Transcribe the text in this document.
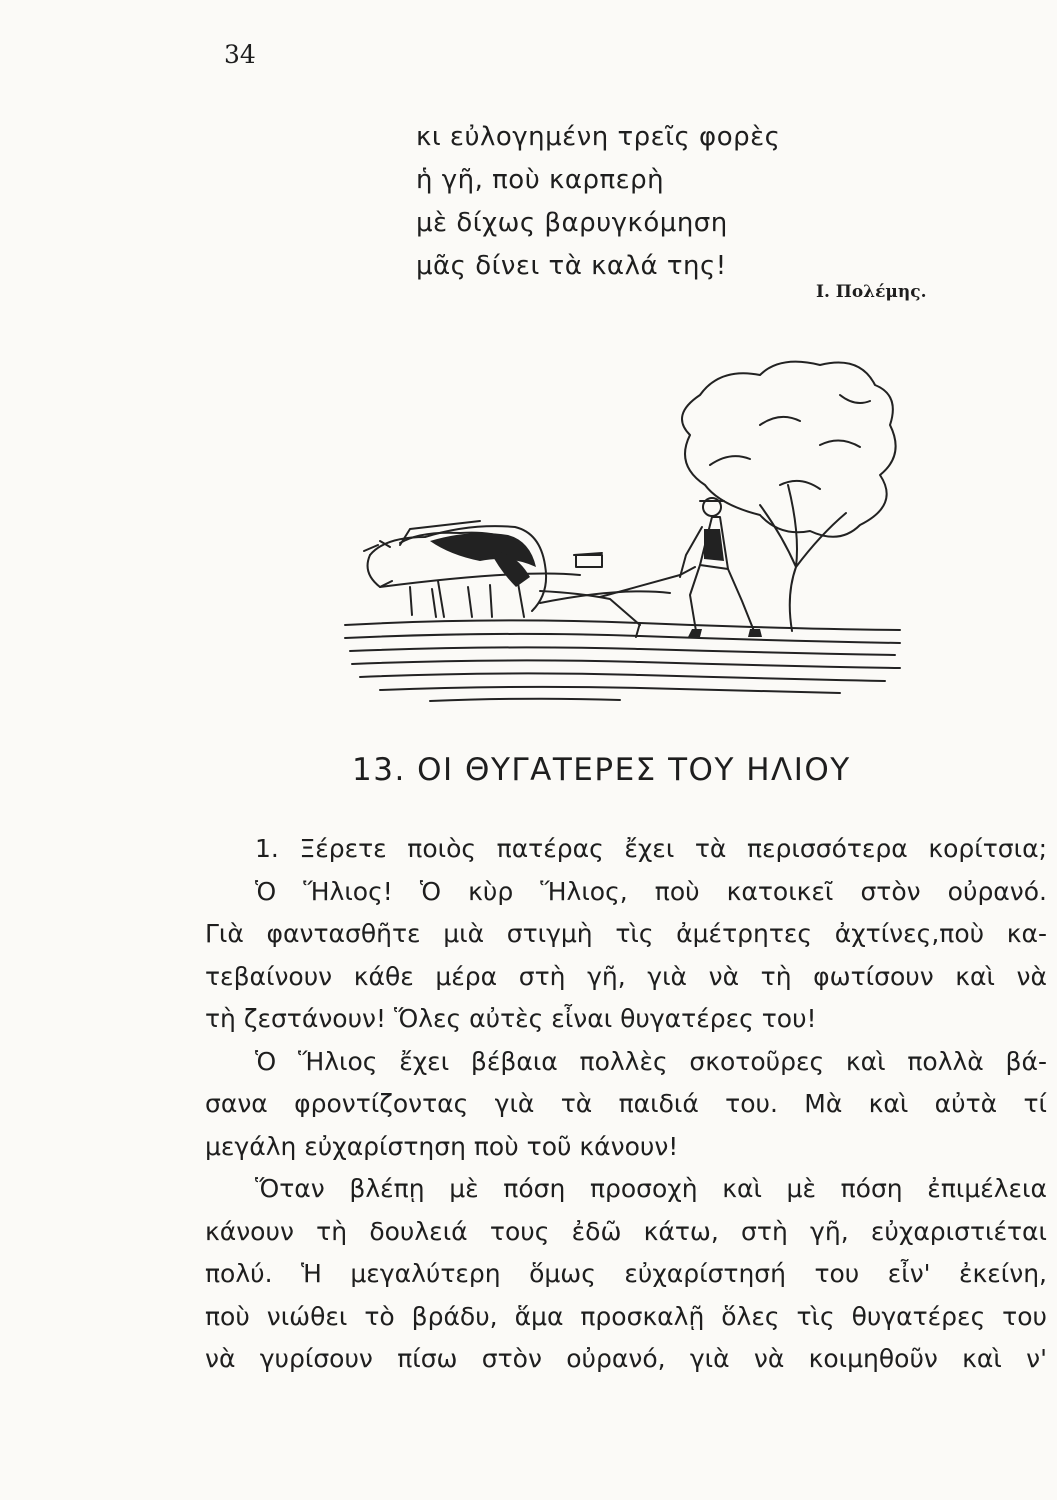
34
κι εὐλογημένη τρεῖς φορὲς
ἡ γῆ, ποὺ καρπερὴ
μὲ δίχως βαρυγκόμηση
μᾶς δίνει τὰ καλά της!
Ι. Πολέμης.
13. ΟΙ ΘΥΓΑΤΕΡΕΣ ΤΟΥ ΗΛΙΟΥ
1. Ξέρετε ποιὸς πατέρας ἔχει τὰ περισσότερα κορίτσια;
Ὁ Ἥλιος! Ὁ κὺρ Ἥλιος, ποὺ κατοικεῖ στὸν οὐρανό.
Γιὰ φαντασθῆτε μιὰ στιγμὴ τὶς ἀμέτρητες ἀχτίνες,ποὺ κα-
τεβαίνουν κάθε μέρα στὴ γῆ, γιὰ νὰ τὴ φωτίσουν καὶ νὰ
τὴ ζεστάνουν! Ὅλες αὐτὲς εἶναι θυγατέρες του!
Ὁ Ἥλιος ἔχει βέβαια πολλὲς σκοτοῦρες καὶ πολλὰ βά-
σανα φροντίζοντας γιὰ τὰ παιδιά του. Μὰ καὶ αὐτὰ τί
μεγάλη εὐχαρίστηση ποὺ τοῦ κάνουν!
Ὅταν βλέπῃ μὲ πόση προσοχὴ καὶ μὲ πόση ἐπιμέλεια
κάνουν τὴ δουλειά τους ἐδῶ κάτω, στὴ γῆ, εὐχαριστιέται
πολύ. Ἡ μεγαλύτερη ὅμως εὐχαρίστησή του εἶν' ἐκείνη,
ποὺ νιώθει τὸ βράδυ, ἅμα προσκαλῇ ὅλες τὶς θυγατέρες του
νὰ γυρίσουν πίσω στὸν οὐρανό, γιὰ νὰ κοιμηθοῦν καὶ ν'
